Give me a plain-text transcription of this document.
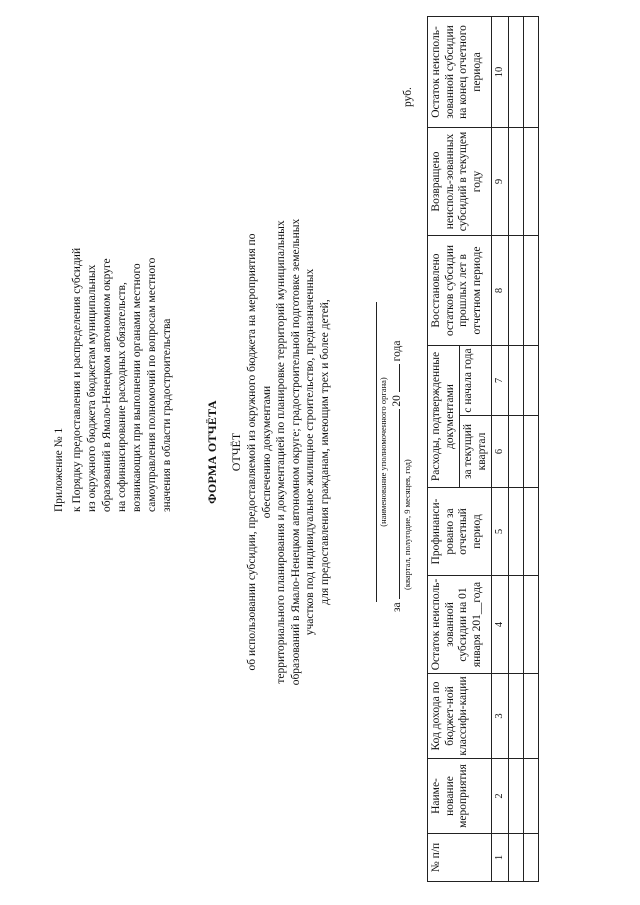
Приложение № 1 к Порядку предоставления и распределения субсидий из окружного бюджета бюджетам муниципальных образований в Ямало-Ненецком автономном округе на софинансирование расходных обязательств, возникающих при выполнении органами местного самоуправления полномочий по вопросам местного значения в области градостроительства	ФОРМА ОТЧЁТА ОТЧЁТ об использовании субсидии, предоставляемой из окружного бюджета на мероприятия по обеспечению документами территориального планирования и документацией по планировке территорий муниципальных образований в Ямало-Ненецком автономном округе; градостроительной подготовке земельных участков под индивидуальное жилищное строительство, предназначенных для предоставления гражданам, имеющим трех и более детей,	(наименование уполномоченного органа)
за  20  года
(квартал, полугодие, 9 месяцев, год)
руб.
№ п/п	Наиме-нование мероприятия	Код дохода по бюджет-ной классифи-кации	Остаток неисполь-зованной субсидии на 01 января 201__года	Профинанси-ровано за отчетный период	Расходы, подтвержденные документами		Восстановлено остатков субсидии прошлых лет в отчетном периоде	Возвращено неисполь-зованных субсидий в текущем году	Остаток неисполь-зованной субсидии на конец отчетного периода
					за текущий квартал	с начала года			
1	2	3	4	5	6	7	8	9	10
